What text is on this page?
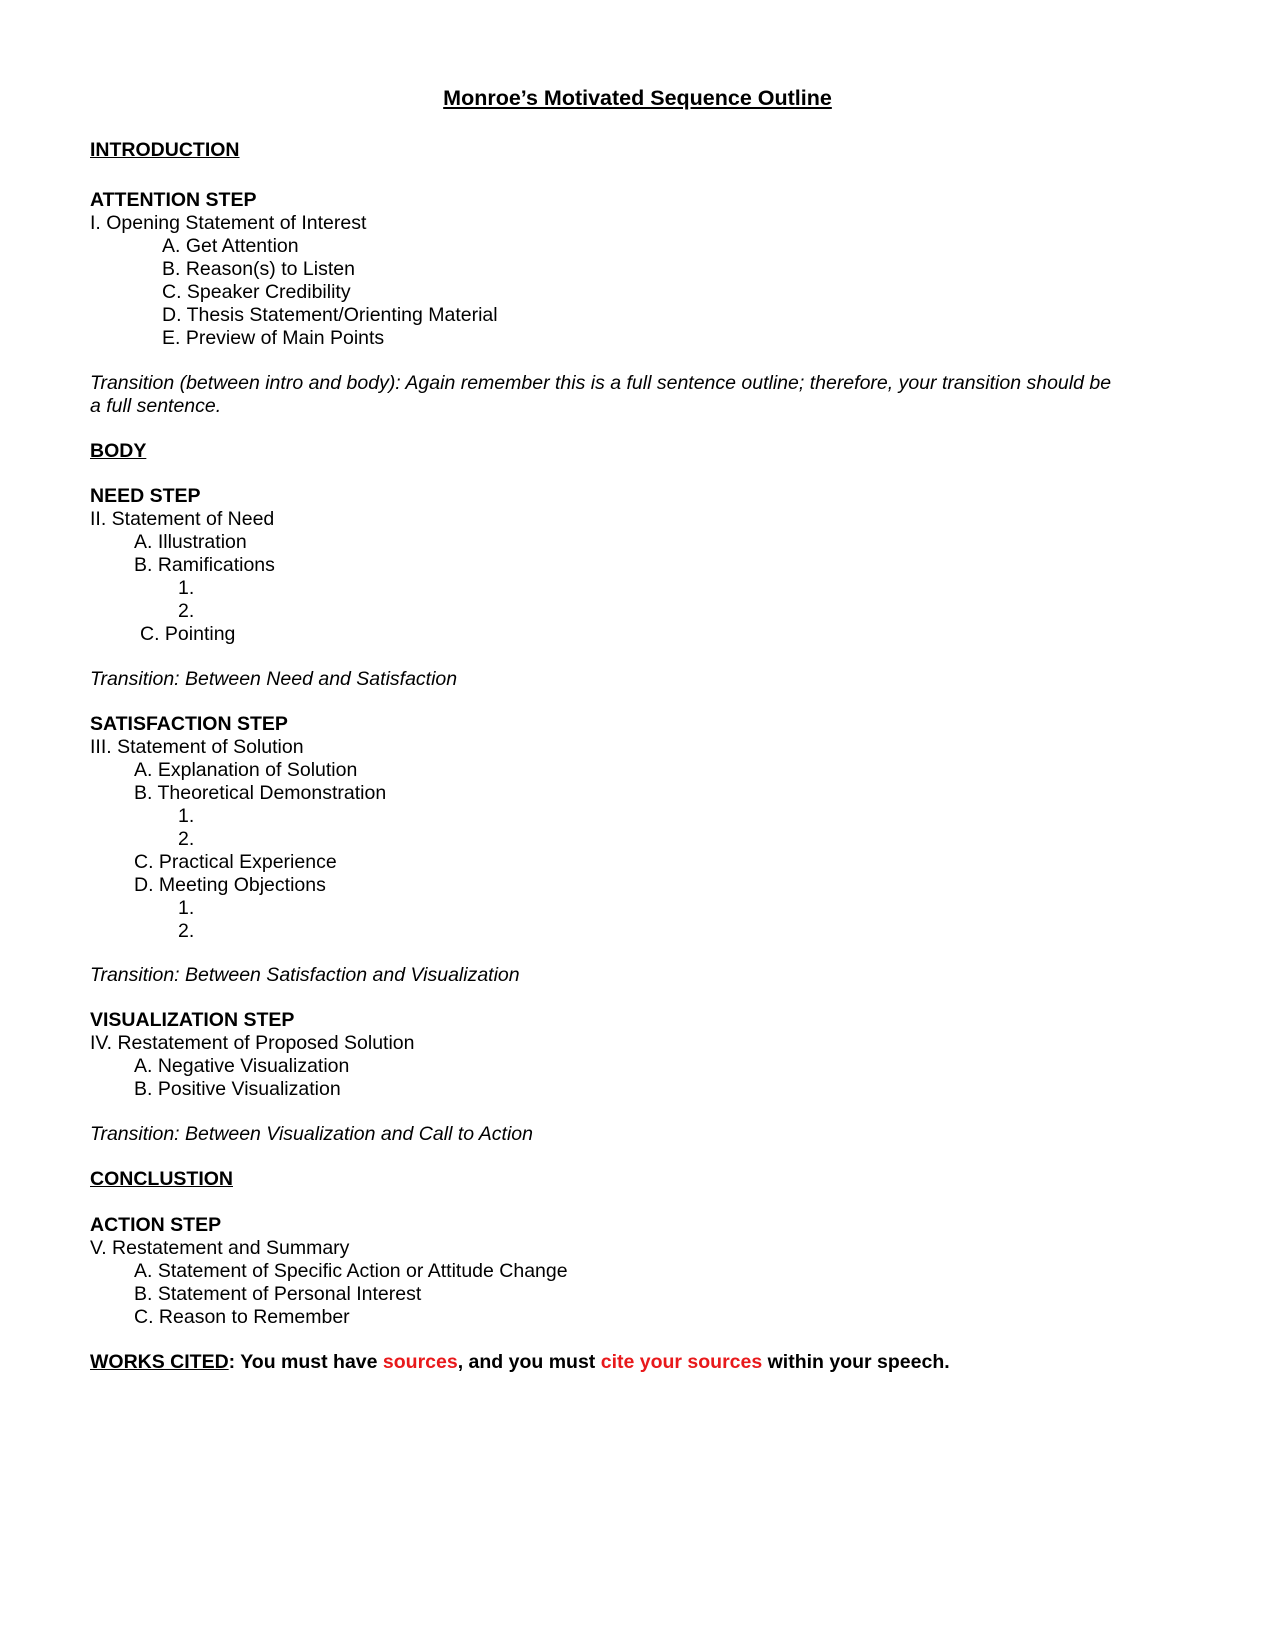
Monroe’s Motivated Sequence Outline
INTRODUCTION
ATTENTION STEP
I. Opening Statement of Interest
A. Get Attention
B. Reason(s) to Listen
C. Speaker Credibility
D. Thesis Statement/Orienting Material
E. Preview of Main Points
Transition (between intro and body): Again remember this is a full sentence outline; therefore, your transition should be
a full sentence.
BODY
NEED STEP
II. Statement of Need
A. Illustration
B. Ramifications
1.
2.
C. Pointing
Transition: Between Need and Satisfaction
SATISFACTION STEP
III. Statement of Solution
A. Explanation of Solution
B. Theoretical Demonstration
1.
2.
C. Practical Experience
D. Meeting Objections
1.
2.
Transition: Between Satisfaction and Visualization
VISUALIZATION STEP
IV. Restatement of Proposed Solution
A. Negative Visualization
B. Positive Visualization
Transition: Between Visualization and Call to Action
CONCLUSTION
ACTION STEP
V. Restatement and Summary
A. Statement of Specific Action or Attitude Change
B. Statement of Personal Interest
C. Reason to Remember
WORKS CITED: You must have sources, and you must cite your sources within your speech.
